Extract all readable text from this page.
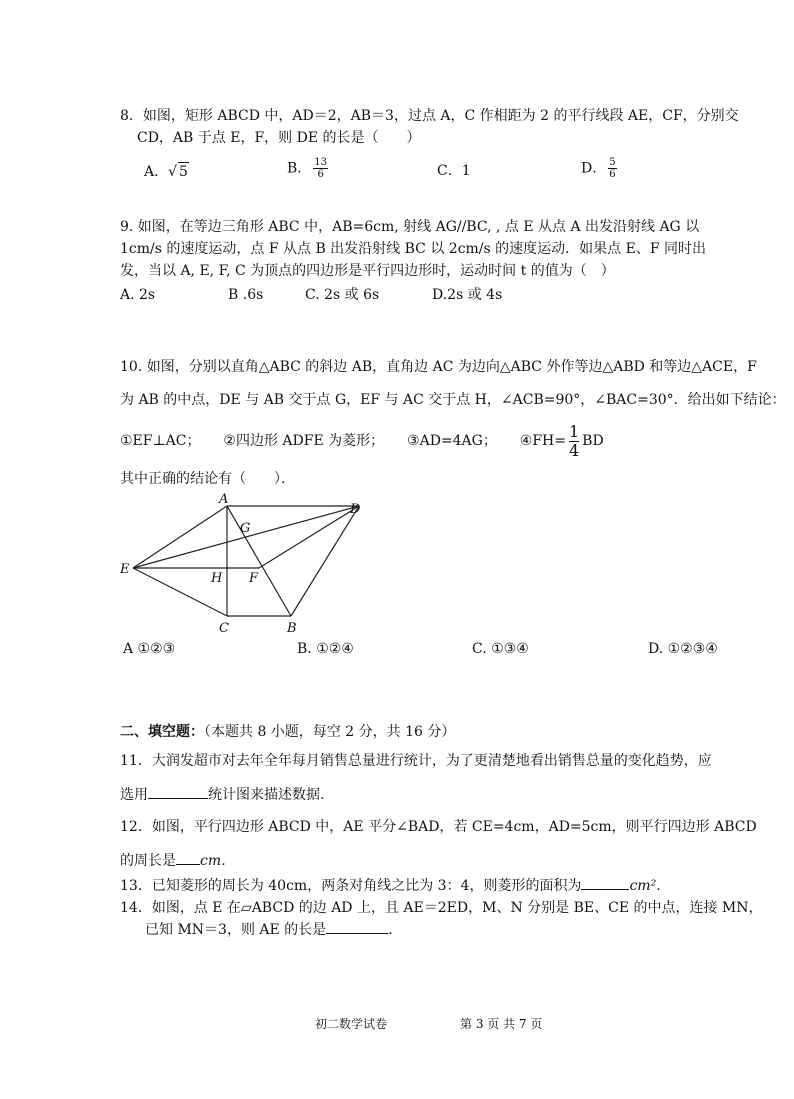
8．如图，矩形 ABCD 中，AD＝2，AB＝3，过点 A，C 作相距为 2 的平行线段 AE，CF，分别交
CD，AB 于点 E，F，则 DE 的长是（　　）
A．√ 5	B． $\frac{13}{6}$	C．1	D． $\frac{5}{6}$
9. 如图，在等边三角形 ABC 中，AB=6cm, 射线 AG//BC, , 点 E 从点 A 出发沿射线 AG 以
1cm/s 的速度运动，点 F 从点 B 出发沿射线 BC 以 2cm/s 的速度运动．如果点 E、F 同时出
发，当以 A, E, F, C 为顶点的四边形是平行四边形时，运动时间 t 的值为（　）
A. 2s	B .6s	C. 2s 或 6s	D.2s 或 4s
10. 如图，分别以直角△ABC 的斜边 AB，直角边 AC 为边向△ABC 外作等边△ABD 和等边△ACE，F
为 AB 的中点，DE 与 AB 交于点 G，EF 与 AC 交于点 H，∠ACB=90°，∠BAC=30°．给出如下结论：
①EF⊥AC； ②四边形 ADFE 为菱形； ③AD=4AG； ④FH= $\frac{1}{4}$ BD
其中正确的结论有（　　）．
A
D
G
E
H F
C	B
A ①②③	B. ①②④	C. ①③④	D. ①②③④
二、填空题：（本题共 8 小题，每空 2 分，共 16 分）
11．大润发超市对去年全年每月销售总量进行统计，为了更清楚地看出销售总量的变化趋势，应
选用	统计图来描述数据.
12．如图，平行四边形 ABCD 中，AE 平分∠BAD，若 CE=4cm，AD=5cm，则平行四边形 ABCD
的周长是 cm．
13．已知菱形的周长为 40cm，两条对角线之比为 3：4，则菱形的面积为	cm².
14．如图，点 E 在▱ABCD 的边 AD 上，且 AE＝2ED，M、N 分别是 BE、CE 的中点，连接 MN，
已知 MN＝3，则 AE 的长是	．
初二数学试卷	第 3 页 共 7 页
